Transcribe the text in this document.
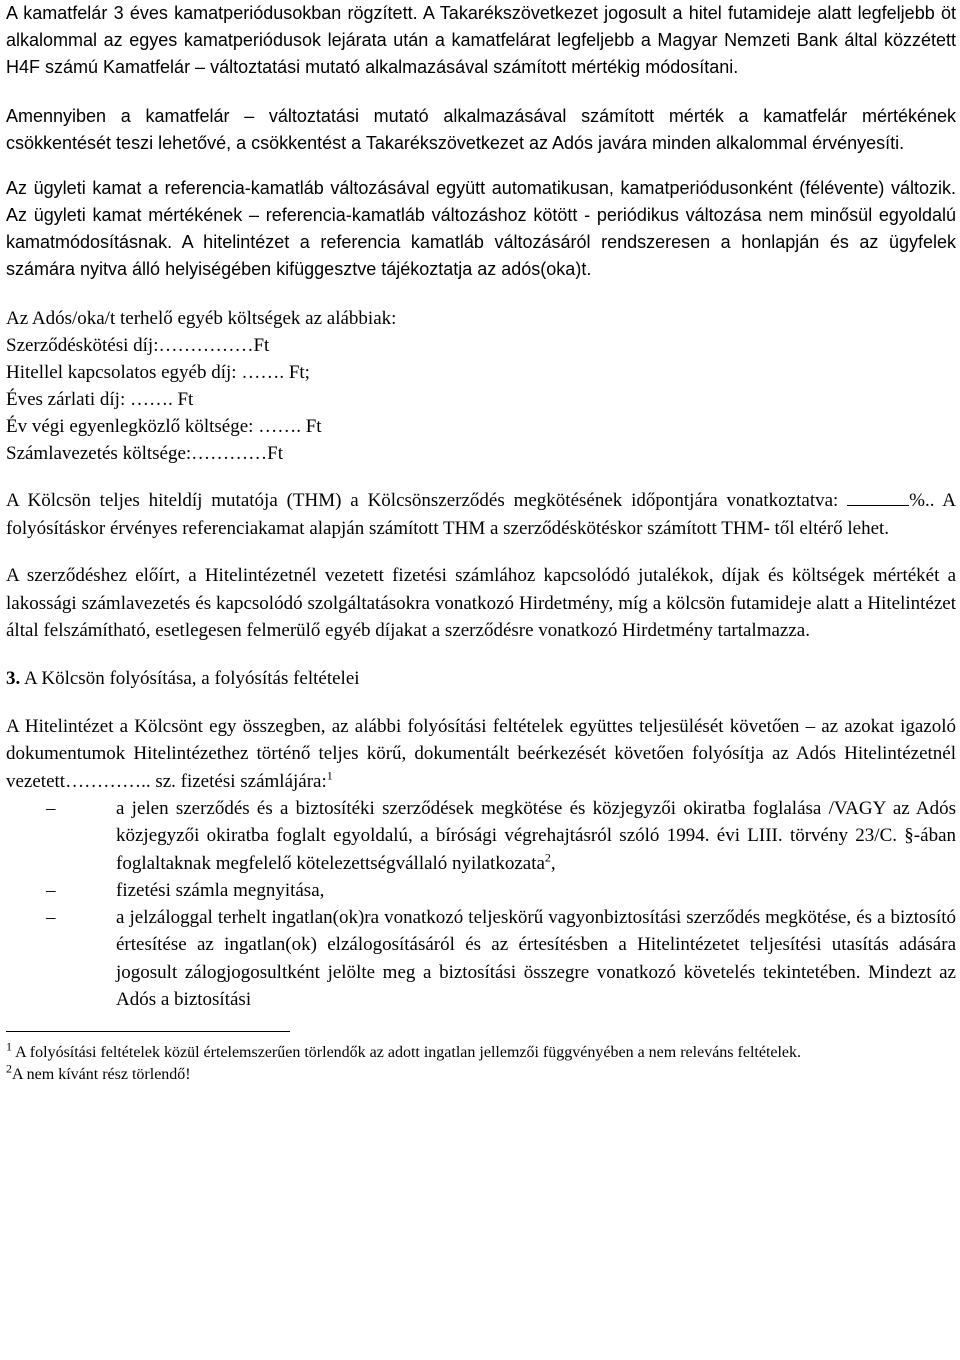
A kamatfelár 3 éves kamatperiódusokban rögzített. A Takarékszövetkezet jogosult a hitel futamideje alatt legfeljebb öt alkalommal az egyes kamatperiódusok lejárata után a kamatfelárat legfeljebb a Magyar Nemzeti Bank által közzétett H4F számú Kamatfelár – változtatási mutató alkalmazásával számított mértékig módosítani.

Amennyiben a kamatfelár – változtatási mutató alkalmazásával számított mérték a kamatfelár mértékének csökkentését teszi lehetővé, a csökkentést a Takarékszövetkezet az Adós javára minden alkalommal érvényesíti.

Az ügyleti kamat a referencia-kamatláb változásával együtt automatikusan, kamatperiódusonként (félévente) változik. Az ügyleti kamat mértékének – referencia-kamatláb változáshoz kötött - periódikus változása nem minősül egyoldalú kamatmódosításnak. A hitelintézet a referencia kamatláb változásáról rendszeresen a honlapján és az ügyfelek számára nyitva álló helyiségében kifüggesztve tájékoztatja az adós(oka)t.

Az Adós/oka/t terhelő egyéb költségek az alábbiak:
Szerződéskötési díj:……………Ft
Hitellel kapcsolatos egyéb díj: ……. Ft;
Éves zárlati díj: ……. Ft
Év végi egyenlegközlő költsége: ……. Ft
Számlavezetés költsége:…………Ft

A Kölcsön teljes hiteldíj mutatója (THM) a Kölcsönszerződés megkötésének időpontjára vonatkoztatva:	%.. A folyósításkor érvényes referenciakamat alapján számított THM a szerződéskötéskor számított THM- től eltérő lehet.

A szerződéshez előírt, a Hitelintézetnél vezetett fizetési számlához kapcsolódó jutalékok, díjak és költségek mértékét a lakossági számlavezetés és kapcsolódó szolgáltatásokra vonatkozó Hirdetmény, míg a kölcsön futamideje alatt a Hitelintézet által felszámítható, esetlegesen felmerülő egyéb díjakat a szerződésre vonatkozó Hirdetmény tartalmazza.

3. A Kölcsön folyósítása, a folyósítás feltételei

A Hitelintézet a Kölcsönt egy összegben, az alábbi folyósítási feltételek együttes teljesülését követően – az azokat igazoló dokumentumok Hitelintézethez történő teljes körű, dokumentált beérkezését követően folyósítja az Adós Hitelintézetnél vezetett………….. sz. fizetési számlájára:$^1$

–	a jelen szerződés és a biztosítéki szerződések megkötése és közjegyzői okiratba foglalása /VAGY az Adós közjegyzői okiratba foglalt egyoldalú, a bírósági végrehajtásról szóló 1994. évi LIII. törvény 23/C. §-ában foglaltaknak megfelelő kötelezettségvállaló nyilatkozata$^2$,
–	fizetési számla megnyitása,
–	a jelzáloggal terhelt ingatlan(ok)ra vonatkozó teljeskörű vagyonbiztosítási szerződés megkötése, és a biztosító értesítése az ingatlan(ok) elzálogosításáról és az értesítésben a Hitelintézetet teljesítési utasítás adására jogosult zálogjogosultként jelölte meg a biztosítási összegre vonatkozó követelés tekintetében. Mindezt az Adós a biztosítási
$^1$ A folyósítási feltételek közül értelemszerűen törlendők az adott ingatlan jellemzői függvényében a nem releváns feltételek.
$^2$A nem kívánt rész törlendő!
